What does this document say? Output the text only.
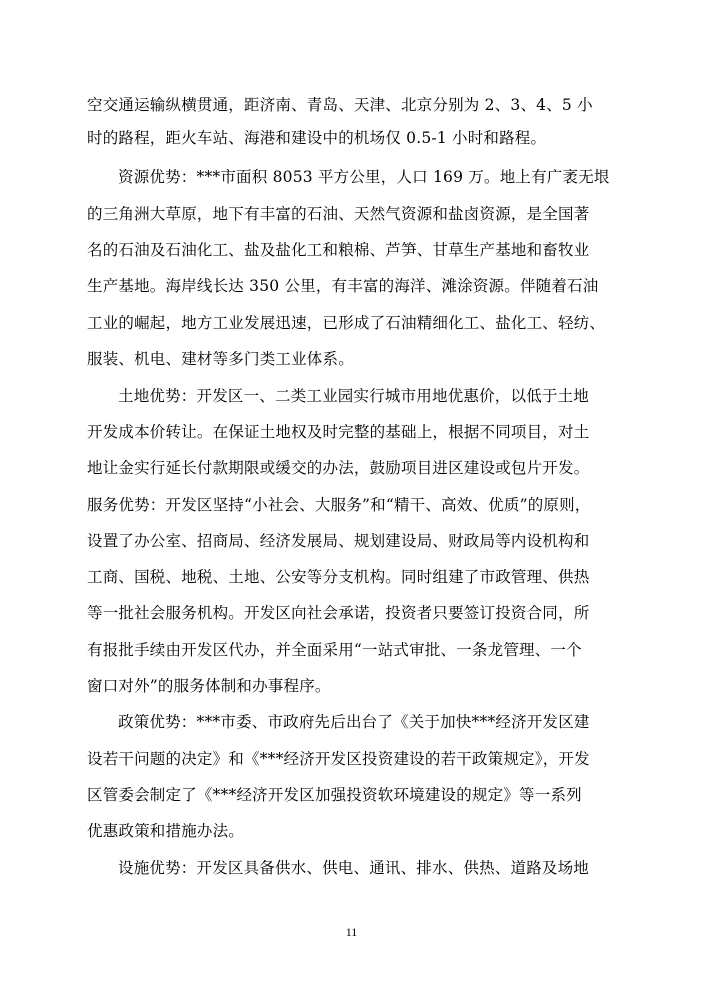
空交通运输纵横贯通，距济南、青岛、天津、北京分别为 2、3、4、5 小
时的路程，距火车站、海港和建设中的机场仅 0.5-1 小时和路程。
资源优势：***市面积 8053 平方公里，人口 169 万。地上有广袤无垠
的三角洲大草原，地下有丰富的石油、天然气资源和盐卤资源，是全国著
名的石油及石油化工、盐及盐化工和粮棉、芦笋、甘草生产基地和畜牧业
生产基地。海岸线长达 350 公里，有丰富的海洋、滩涂资源。伴随着石油
工业的崛起，地方工业发展迅速，已形成了石油精细化工、盐化工、轻纺、
服装、机电、建材等多门类工业体系。
土地优势：开发区一、二类工业园实行城市用地优惠价，以低于土地
开发成本价转让。在保证土地权及时完整的基础上，根据不同项目，对土
地让金实行延长付款期限或缓交的办法，鼓励项目进区建设或包片开发。
服务优势：开发区坚持“小社会、大服务”和“精干、高效、优质”的原则，
设置了办公室、招商局、经济发展局、规划建设局、财政局等内设机构和
工商、国税、地税、土地、公安等分支机构。同时组建了市政管理、供热
等一批社会服务机构。开发区向社会承诺，投资者只要签订投资合同，所
有报批手续由开发区代办，并全面采用“一站式审批、一条龙管理、一个
窗口对外”的服务体制和办事程序。
政策优势：***市委、市政府先后出台了《关于加快***经济开发区建
设若干问题的决定》和《***经济开发区投资建设的若干政策规定》，开发
区管委会制定了《***经济开发区加强投资软环境建设的规定》等一系列
优惠政策和措施办法。
设施优势：开发区具备供水、供电、通讯、排水、供热、道路及场地
11
